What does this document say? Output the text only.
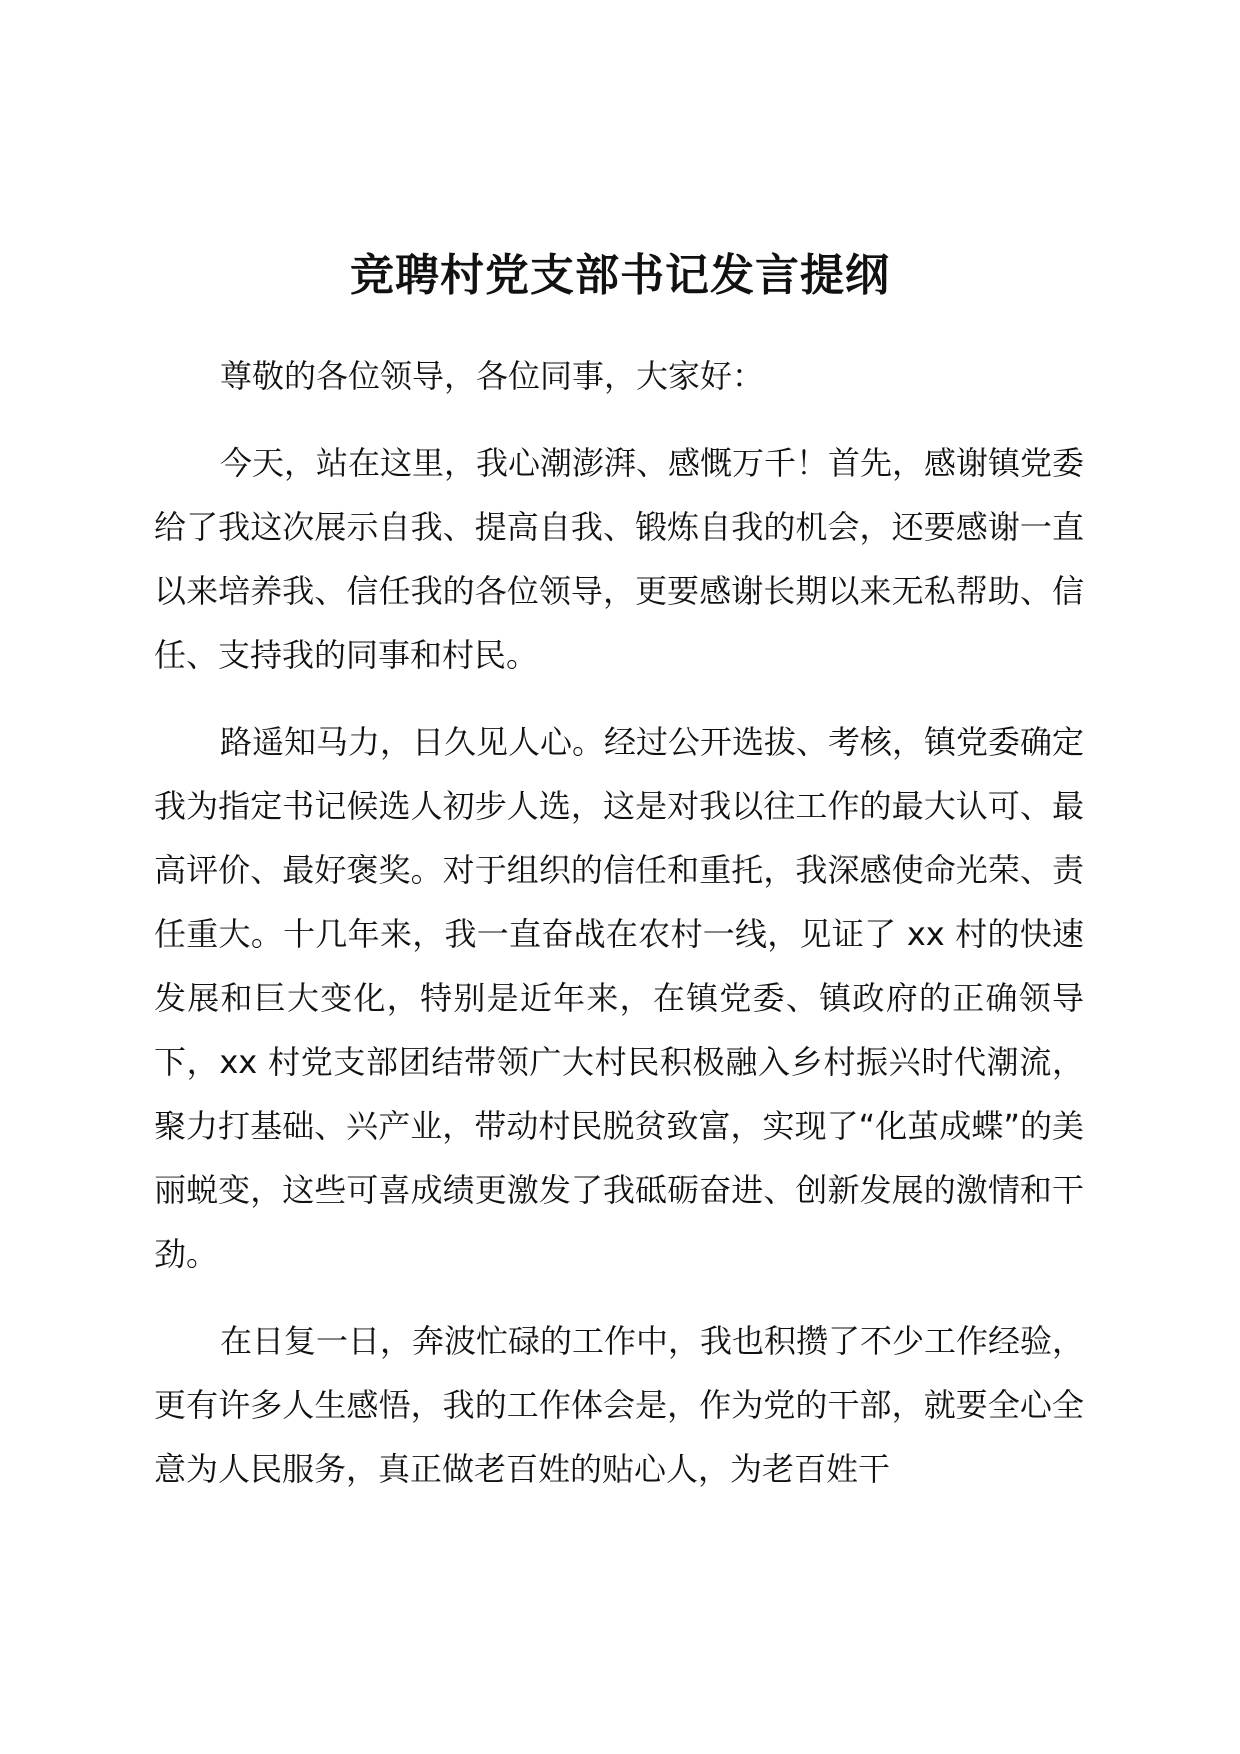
竞聘村党支部书记发言提纲

尊敬的各位领导，各位同事，大家好：

今天，站在这里，我心潮澎湃、感慨万千！首先，感谢镇党委给了我这次展示自我、提高自我、锻炼自我的机会，还要感谢一直以来培养我、信任我的各位领导，更要感谢长期以来无私帮助、信任、支持我的同事和村民。

路遥知马力，日久见人心。经过公开选拔、考核，镇党委确定我为指定书记候选人初步人选，这是对我以往工作的最大认可、最高评价、最好褒奖。对于组织的信任和重托，我深感使命光荣、责任重大。十几年来，我一直奋战在农村一线，见证了 xx 村的快速发展和巨大变化，特别是近年来，在镇党委、镇政府的正确领导下，xx 村党支部团结带领广大村民积极融入乡村振兴时代潮流，聚力打基础、兴产业，带动村民脱贫致富，实现了“化茧成蝶”的美丽蜕变，这些可喜成绩更激发了我砥砺奋进、创新发展的激情和干劲。

在日复一日，奔波忙碌的工作中，我也积攒了不少工作经验，更有许多人生感悟，我的工作体会是，作为党的干部，就要全心全意为人民服务，真正做老百姓的贴心人，为老百姓干
